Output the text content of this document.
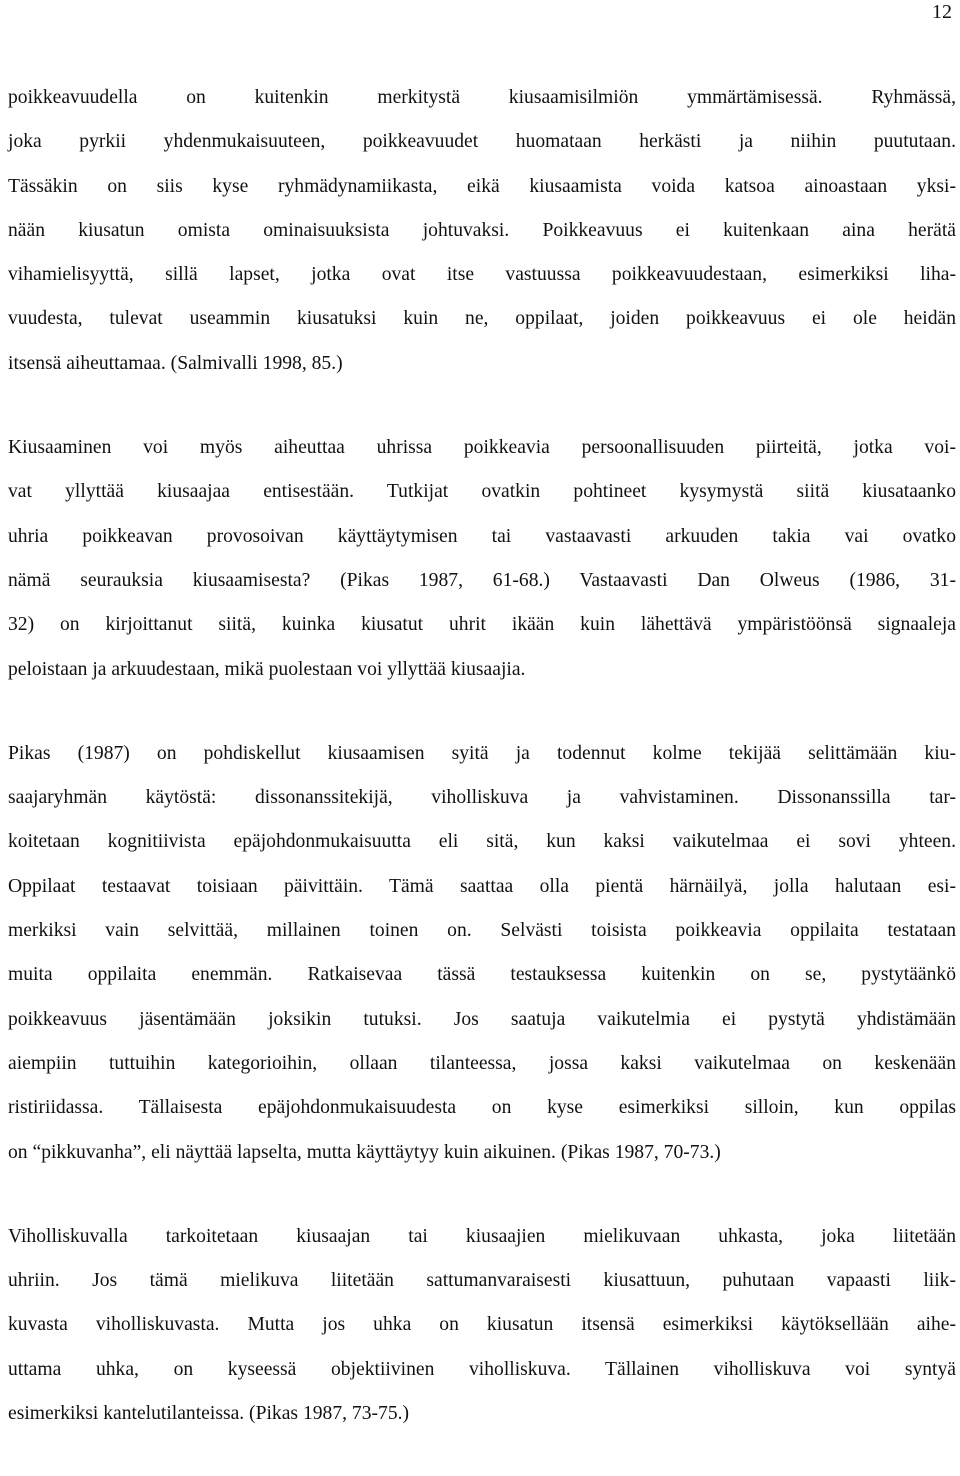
12
poikkeavuudella on kuitenkin merkitystä kiusaamisilmiön ymmärtämisessä. Ryhmässä,
joka pyrkii yhdenmukaisuuteen, poikkeavuudet huomataan herkästi ja niihin puututaan.
Tässäkin on siis kyse ryhmädynamiikasta, eikä kiusaamista voida katsoa ainoastaan yksi-
nään kiusatun omista ominaisuuksista johtuvaksi. Poikkeavuus ei kuitenkaan aina herätä
vihamielisyyttä, sillä lapset, jotka ovat itse vastuussa poikkeavuudestaan, esimerkiksi liha-
vuudesta, tulevat useammin kiusatuksi kuin ne, oppilaat, joiden poikkeavuus ei ole heidän
itsensä aiheuttamaa. (Salmivalli 1998, 85.)
Kiusaaminen voi myös aiheuttaa uhrissa poikkeavia persoonallisuuden piirteitä, jotka voi-
vat yllyttää kiusaajaa entisestään. Tutkijat ovatkin pohtineet kysymystä siitä kiusataanko
uhria poikkeavan provosoivan käyttäytymisen tai vastaavasti arkuuden takia vai ovatko
nämä seurauksia kiusaamisesta? (Pikas 1987, 61-68.) Vastaavasti Dan Olweus (1986, 31-
32) on kirjoittanut siitä, kuinka kiusatut uhrit ikään kuin lähettävä ympäristöönsä signaaleja
peloistaan ja arkuudestaan, mikä puolestaan voi yllyttää kiusaajia.
Pikas (1987) on pohdiskellut kiusaamisen syitä ja todennut kolme tekijää selittämään kiu-
saajaryhmän käytöstä: dissonanssitekijä, viholliskuva ja vahvistaminen. Dissonanssilla tar-
koitetaan kognitiivista epäjohdonmukaisuutta eli sitä, kun kaksi vaikutelmaa ei sovi yhteen.
Oppilaat testaavat toisiaan päivittäin. Tämä saattaa olla pientä härnäilyä, jolla halutaan esi-
merkiksi vain selvittää, millainen toinen on. Selvästi toisista poikkeavia oppilaita testataan
muita oppilaita enemmän. Ratkaisevaa tässä testauksessa kuitenkin on se, pystytäänkö
poikkeavuus jäsentämään joksikin tutuksi. Jos saatuja vaikutelmia ei pystytä yhdistämään
aiempiin tuttuihin kategorioihin, ollaan tilanteessa, jossa kaksi vaikutelmaa on keskenään
ristiriidassa. Tällaisesta epäjohdonmukaisuudesta on kyse esimerkiksi silloin, kun oppilas
on “pikkuvanha”, eli näyttää lapselta, mutta käyttäytyy kuin aikuinen. (Pikas 1987, 70-73.)
Viholliskuvalla tarkoitetaan kiusaajan tai kiusaajien mielikuvaan uhkasta, joka liitetään
uhriin. Jos tämä mielikuva liitetään sattumanvaraisesti kiusattuun, puhutaan vapaasti liik-
kuvasta viholliskuvasta. Mutta jos uhka on kiusatun itsensä esimerkiksi käytöksellään aihe-
uttama uhka, on kyseessä objektiivinen viholliskuva. Tällainen viholliskuva voi syntyä
esimerkiksi kantelutilanteissa. (Pikas 1987, 73-75.)
